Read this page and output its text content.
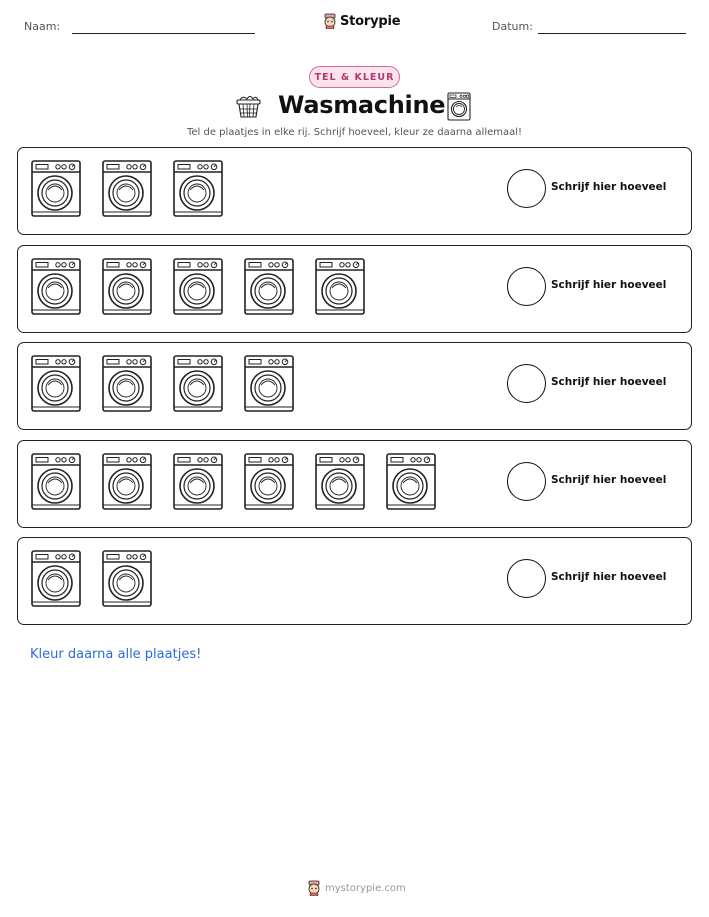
Naam:	Storypie	Datum:
TEL & KLEUR
Wasmachine
Tel de plaatjes in elke rij. Schrijf hoeveel, kleur ze daarna allemaal!
Schrijf hier hoeveel
Schrijf hier hoeveel
Schrijf hier hoeveel
Schrijf hier hoeveel
Schrijf hier hoeveel
Kleur daarna alle plaatjes!
mystorypie.com
